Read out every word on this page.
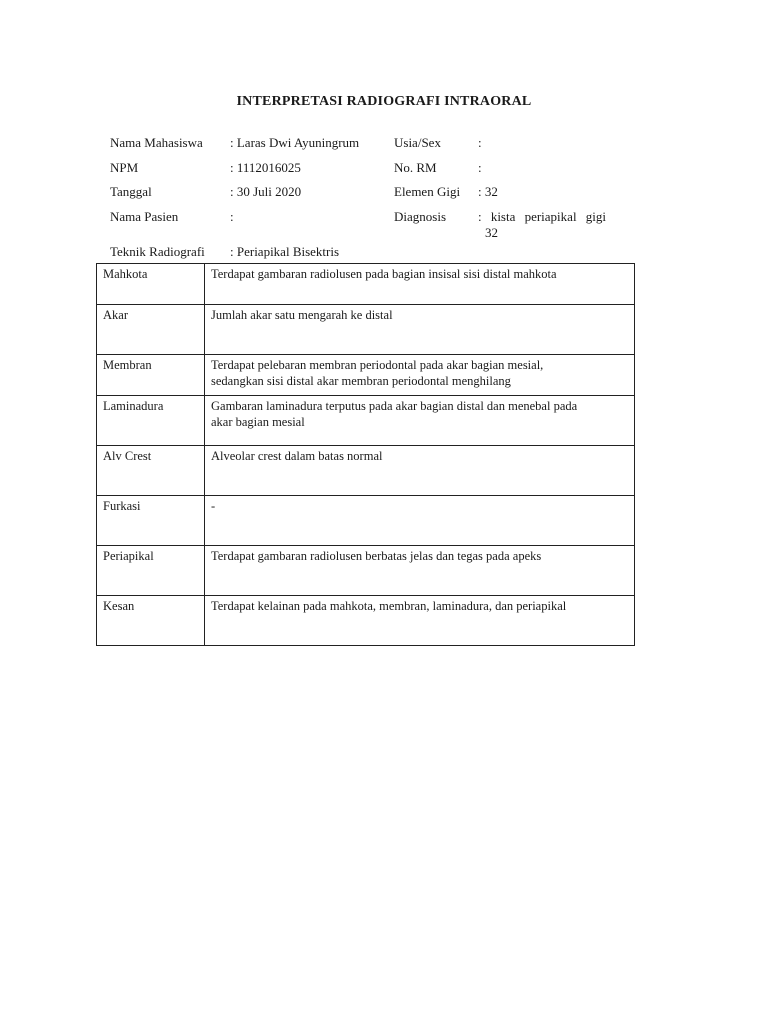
INTERPRETASI RADIOGRAFI INTRAORAL
Nama Mahasiswa : Laras Dwi Ayuningrum
NPM	: 1112016025
Tanggal	: 30 Juli 2020
Nama Pasien	:
Teknik Radiografi : Periapikal Bisektris
Usia/Sex	:
No. RM	:
Elemen Gigi : 32
Diagnosis : kista periapikal gigi
32
Mahkota	Terdapat gambaran radiolusen pada bagian insisal sisi distal mahkota
Akar	Jumlah akar satu mengarah ke distal
Membran	Terdapat pelebaran membran periodontal pada akar bagian mesial,
sedangkan sisi distal akar membran periodontal menghilang
Laminadura	Gambaran laminadura terputus pada akar bagian distal dan menebal pada
akar bagian mesial
Alv Crest	Alveolar crest dalam batas normal
Furkasi	-
Periapikal	Terdapat gambaran radiolusen berbatas jelas dan tegas pada apeks
Kesan	Terdapat kelainan pada mahkota, membran, laminadura, dan periapikal
